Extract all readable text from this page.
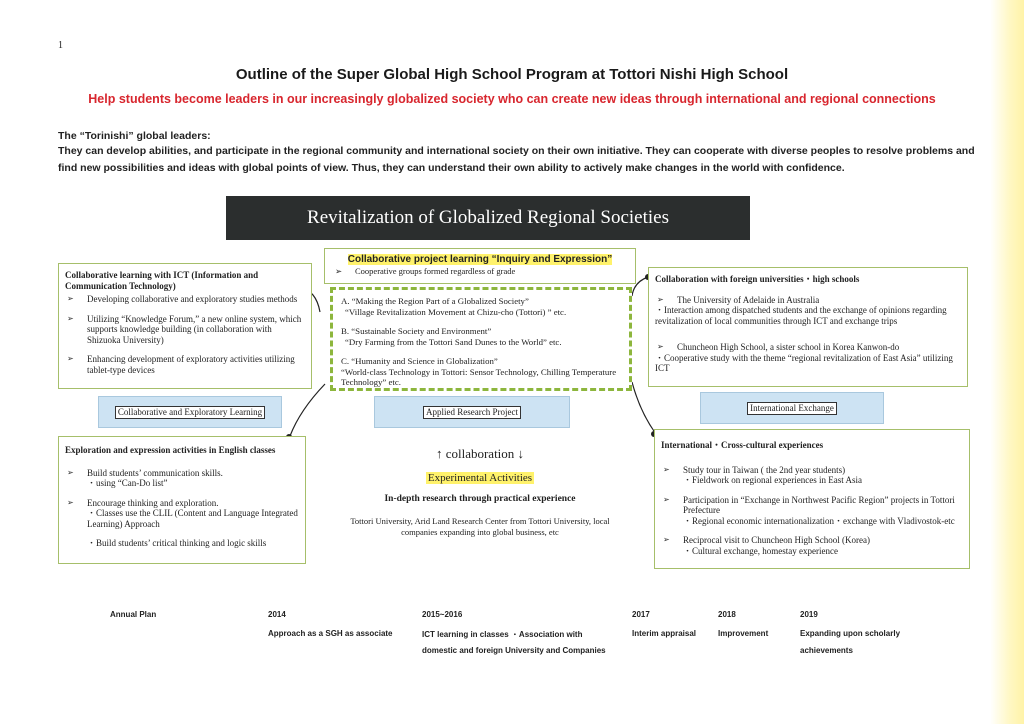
1
Outline of the Super Global High School Program at Tottori Nishi High School
Help students become leaders in our increasingly globalized society who can create new ideas through international and regional connections
The “Torinishi” global leaders:
They can develop abilities, and participate in the regional community and international society on their own initiative. They can cooperate with diverse peoples to resolve problems and find new possibilities and ideas with global points of view. Thus, they can understand their own ability to actively make changes in the world with confidence.
Revitalization of Globalized Regional Societies
Collaborative learning with ICT (Information and Communication Technology)
➢ Developing collaborative and exploratory studies methods
➢ Utilizing “Knowledge Forum,” a new online system, which supports knowledge building (in collaboration with Shizuoka University)
➢ Enhancing development of exploratory activities utilizing tablet-type devices
Collaborative project learning “Inquiry and Expression”
➢ Cooperative groups formed regardless of grade
A. “Making the Region Part of a Globalized Society”
“Village Revitalization Movement at Chizu-cho (Tottori) ” etc.
B. “Sustainable Society and Environment”
“Dry Farming from the Tottori Sand Dunes to the World” etc.
C. “Humanity and Science in Globalization”
“World-class Technology in Tottori: Sensor Technology, Chilling Temperature Technology” etc.
Collaboration with foreign universities・high schools
➢ The University of Adelaide in Australia
・Interaction among dispatched students and the exchange of opinions regarding revitalization of local communities through ICT and exchange trips
➢ Chuncheon High School, a sister school in Korea Kanwon-do
・Cooperative study with the theme “regional revitalization of East Asia” utilizing ICT
Collaborative and Exploratory Learning	Applied Research Project	International Exchange
Exploration and expression activities in English classes
➢ Build students’ communication skills.
・using “Can-Do list”
➢ Encourage thinking and exploration.
・Classes use the CLIL (Content and Language Integrated Learning) Approach
・Build students’ critical thinking and logic skills
↑ collaboration ↓
Experimental Activities
In-depth research through practical experience
Tottori University, Arid Land Research Center from Tottori University, local companies expanding into global business, etc
International・Cross-cultural experiences
➢ Study tour in Taiwan ( the 2nd year students)
・Fieldwork on regional experiences in East Asia
➢ Participation in “Exchange in Northwest Pacific Region” projects in Tottori Prefecture
・Regional economic internationalization・exchange with Vladivostok-etc
➢ Reciprocal visit to Chuncheon High School (Korea)
・Cultural exchange, homestay experience
Annual Plan	2014
Approach as a SGH as associate
2015~2016
ICT learning in classes ・Association with
domestic and foreign University and Companies
2017
Interim appraisal
2018
Improvement
2019
Expanding upon scholarly
achievements
